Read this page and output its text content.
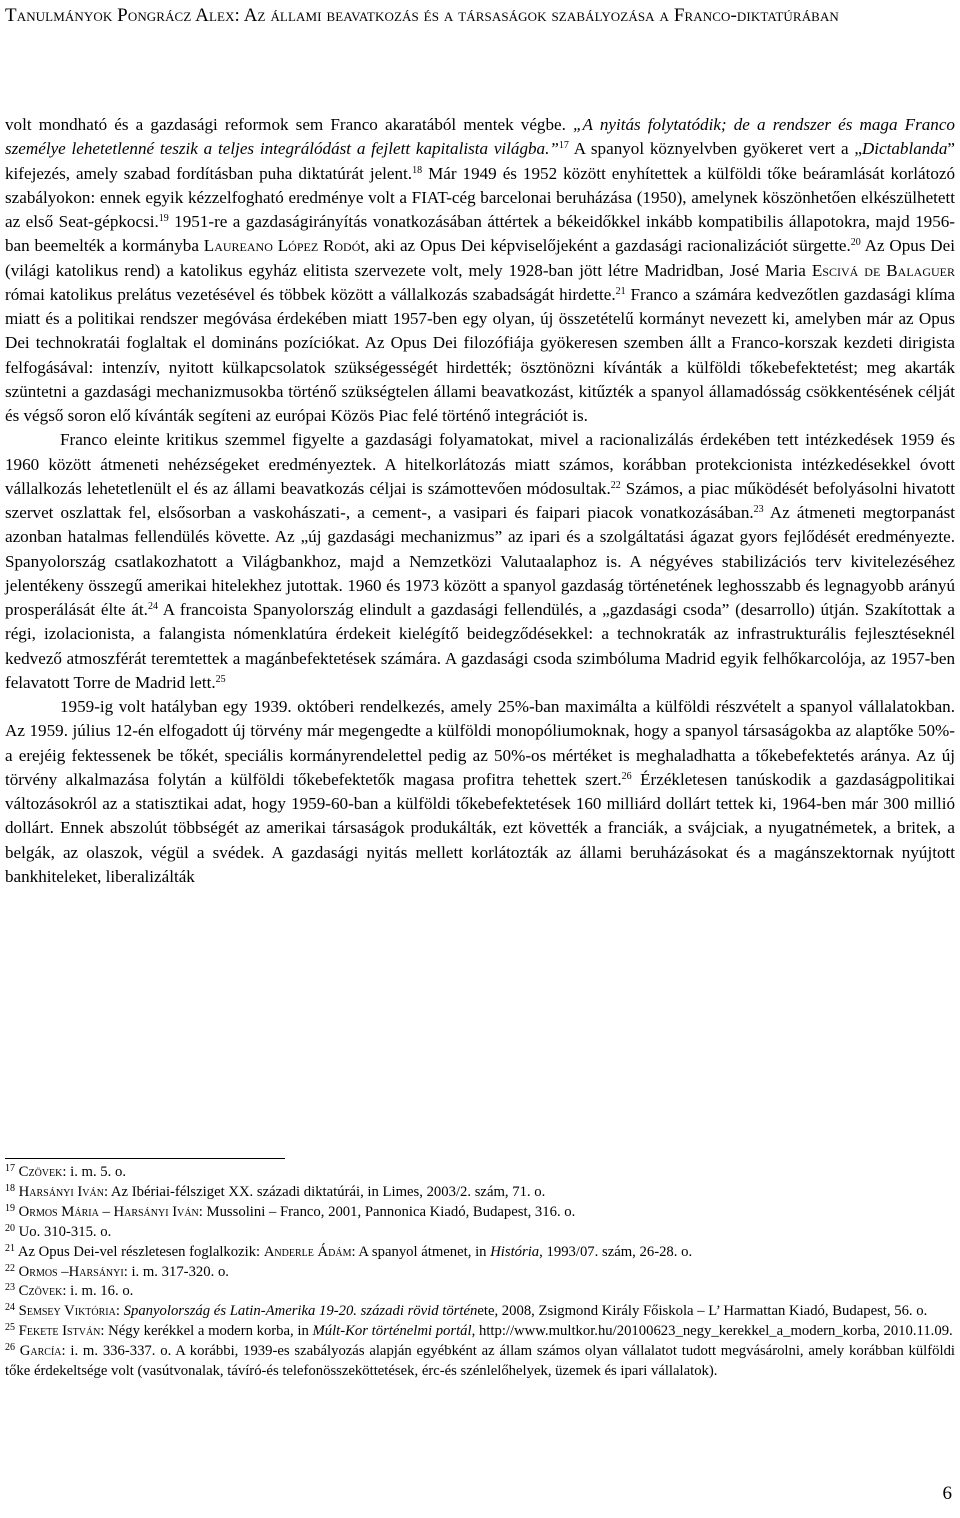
Tanulmányok Pongrácz Alex: Az állami beavatkozás és a társaságok szabályozása a Franco-diktatúrában

volt mondható és a gazdasági reformok sem Franco akaratából mentek végbe. „A nyitás folytatódik; de a rendszer és maga Franco személye lehetetlenné teszik a teljes integrálódást a fejlett kapitalista világba.”$^{17}$ A spanyol köznyelvben gyökeret vert a „Dictablanda” kifejezés, amely szabad fordításban puha diktatúrát jelent.$^{18}$ Már 1949 és 1952 között enyhítettek a külföldi tőke beáramlását korlátozó szabályokon: ennek egyik kézzelfogható eredménye volt a FIAT-cég barcelonai beruházása (1950), amelynek köszönhetően elkészülhetett az első Seat-gépkocsi.$^{19}$ 1951-re a gazdaságirányítás vonatkozásában áttértek a békeidőkkel inkább kompatibilis állapotokra, majd 1956-ban beemelték a kormányba Laureano López Rodót, aki az Opus Dei képviselőjeként a gazdasági racionalizációt sürgette.$^{20}$ Az Opus Dei (világi katolikus rend) a katolikus egyház elitista szervezete volt, mely 1928-ban jött létre Madridban, José Maria Escivá de Balaguer római katolikus prelátus vezetésével és többek között a vállalkozás szabadságát hirdette.$^{21}$ Franco a számára kedvezőtlen gazdasági klíma miatt és a politikai rendszer megóvása érdekében miatt 1957-ben egy olyan, új összetételű kormányt nevezett ki, amelyben már az Opus Dei technokratái foglaltak el domináns pozíciókat. Az Opus Dei filozófiája gyökeresen szemben állt a Franco-korszak kezdeti dirigista felfogásával: intenzív, nyitott külkapcsolatok szükségességét hirdették; ösztönözni kívánták a külföldi tőkebefektetést; meg akarták szüntetni a gazdasági mechanizmusokba történő szükségtelen állami beavatkozást, kitűzték a spanyol államadósság csökkentésének célját és végső soron elő kívánták segíteni az európai Közös Piac felé történő integrációt is.

Franco eleinte kritikus szemmel figyelte a gazdasági folyamatokat, mivel a racionalizálás érdekében tett intézkedések 1959 és 1960 között átmeneti nehézségeket eredményeztek. A hitelkorlátozás miatt számos, korábban protekcionista intézkedésekkel óvott vállalkozás lehetetlenült el és az állami beavatkozás céljai is számottevően módosultak.$^{22}$ Számos, a piac működését befolyásolni hivatott szervet oszlattak fel, elsősorban a vaskohászati-, a cement-, a vasipari és faipari piacok vonatkozásában.$^{23}$ Az átmeneti megtorpanást azonban hatalmas fellendülés követte. Az „új gazdasági mechanizmus” az ipari és a szolgáltatási ágazat gyors fejlődését eredményezte. Spanyolország csatlakozhatott a Világbankhoz, majd a Nemzetközi Valutaalaphoz is. A négyéves stabilizációs terv kivitelezéséhez jelentékeny összegű amerikai hitelekhez jutottak. 1960 és 1973 között a spanyol gazdaság történetének leghosszabb és legnagyobb arányú prosperálását élte át.$^{24}$ A francoista Spanyolország elindult a gazdasági fellendülés, a „gazdasági csoda” (desarrollo) útján. Szakítottak a régi, izolacionista, a falangista nómenklatúra érdekeit kielégítő beidegződésekkel: a technokraták az infrastrukturális fejlesztéseknél kedvező atmoszférát teremtettek a magánbefektetések számára. A gazdasági csoda szimbóluma Madrid egyik felhőkarcolója, az 1957-ben felavatott Torre de Madrid lett.$^{25}$

1959-ig volt hatályban egy 1939. októberi rendelkezés, amely 25%-ban maximálta a külföldi részvételt a spanyol vállalatokban. Az 1959. július 12-én elfogadott új törvény már megengedte a külföldi monopóliumoknak, hogy a spanyol társaságokba az alaptőke 50%-a erejéig fektessenek be tőkét, speciális kormányrendelettel pedig az 50%-os mértéket is meghaladhatta a tőkebefektetés aránya. Az új törvény alkalmazása folytán a külföldi tőkebefektetők magasa profitra tehettek szert.$^{26}$ Érzékletesen tanúskodik a gazdaságpolitikai változásokról az a statisztikai adat, hogy 1959-60-ban a külföldi tőkebefektetések 160 milliárd dollárt tettek ki, 1964-ben már 300 millió dollárt. Ennek abszolút többségét az amerikai társaságok produkálták, ezt követték a franciák, a svájciak, a nyugatnémetek, a britek, a belgák, az olaszok, végül a svédek. A gazdasági nyitás mellett korlátozták az állami beruházásokat és a magánszektornak nyújtott bankhiteleket, liberalizálták

$^{17}$ Czövek: i. m. 5. o.

$^{18}$ Harsányi Iván: Az Ibériai-félsziget XX. századi diktatúrái, in Limes, 2003/2. szám, 71. o.

$^{19}$ Ormos Mária – Harsányi Iván: Mussolini – Franco, 2001, Pannonica Kiadó, Budapest, 316. o.

$^{20}$ Uo. 310-315. o.

$^{21}$ Az Opus Dei-vel részletesen foglalkozik: Anderle Ádám: A spanyol átmenet, in História, 1993/07. szám, 26-28. o.

$^{22}$ Ormos –Harsányi: i. m. 317-320. o.

$^{23}$ Czövek: i. m. 16. o.

$^{24}$ Semsey Viktória: Spanyolország és Latin-Amerika 19-20. századi rövid története, 2008, Zsigmond Király Főiskola – L’ Harmattan Kiadó, Budapest, 56. o.

$^{25}$ Fekete István: Négy kerékkel a modern korba, in Múlt-Kor történelmi portál, http://www.multkor.hu/20100623_negy_kerekkel_a_modern_korba, 2010.11.09.

$^{26}$ García: i. m. 336-337. o. A korábbi, 1939-es szabályozás alapján egyébként az állam számos olyan vállalatot tudott megvásárolni, amely korábban külföldi tőke érdekeltsége volt (vasútvonalak, távíró-és telefonösszeköttetések, érc-és szénlelőhelyek, üzemek és ipari vállalatok).

6
